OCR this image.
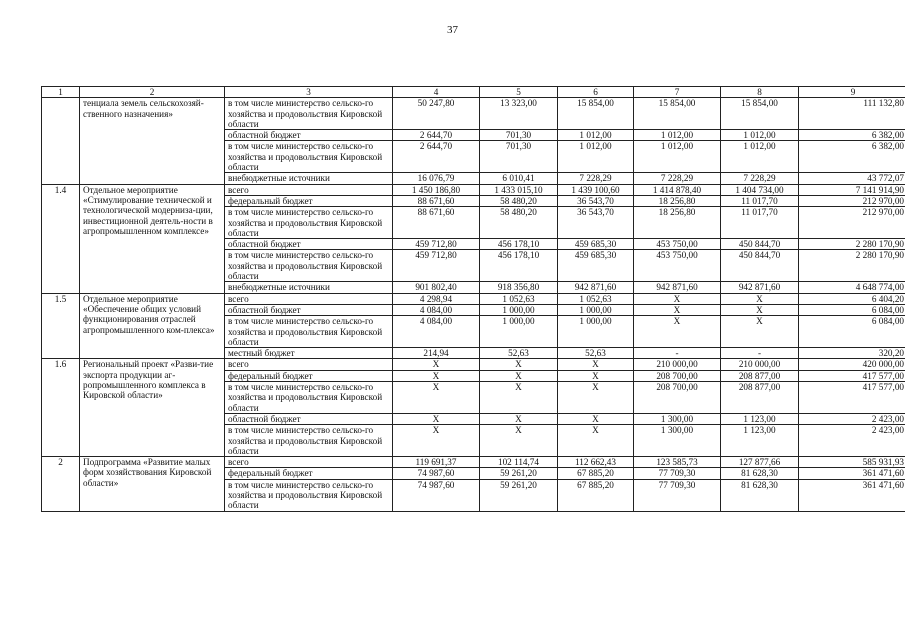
37
1	2	3	4	5	6	7	8	9
	тенциала земель сельскохозяй-ственного назначения»	в том числе министерство сельско-го хозяйства и продовольствия Кировской области	50 247,80	13 323,00	15 854,00	15 854,00	15 854,00	111 132,80
		областной бюджет	2 644,70	701,30	1 012,00	1 012,00	1 012,00	6 382,00
		в том числе министерство сельско-го хозяйства и продовольствия Кировской области	2 644,70	701,30	1 012,00	1 012,00	1 012,00	6 382,00
		внебюджетные источники	16 076,79	6 010,41	7 228,29	7 228,29	7 228,29	43 772,07
1.4	Отдельное мероприятие «Стимулирование технической и технологической модерниза-ции, инвестиционной деятель-ности в агропромышленном комплексе»	всего	1 450 186,80	1 433 015,10	1 439 100,60	1 414 878,40	1 404 734,00	7 141 914,90
		федеральный бюджет	88 671,60	58 480,20	36 543,70	18 256,80	11 017,70	212 970,00
		в том числе министерство сельско-го хозяйства и продовольствия Кировской области	88 671,60	58 480,20	36 543,70	18 256,80	11 017,70	212 970,00
		областной бюджет	459 712,80	456 178,10	459 685,30	453 750,00	450 844,70	2 280 170,90
		в том числе министерство сельско-го хозяйства и продовольствия Кировской области	459 712,80	456 178,10	459 685,30	453 750,00	450 844,70	2 280 170,90
		внебюджетные источники	901 802,40	918 356,80	942 871,60	942 871,60	942 871,60	4 648 774,00
1.5	Отдельное мероприятие «Обеспечение общих условий функционирования отраслей агропромышленного ком-плекса»	всего	4 298,94	1 052,63	1 052,63	X	X	6 404,20
		областной бюджет	4 084,00	1 000,00	1 000,00	X	X	6 084,00
		в том числе министерство сельско-го хозяйства и продовольствия Кировской области	4 084,00	1 000,00	1 000,00	X	X	6 084,00
		местный бюджет	214,94	52,63	52,63	-	-	320,20
1.6	Региональный проект «Разви-тие экспорта продукции аг-ропромышленного комплекса в Кировской области»	всего	X	X	X	210 000,00	210 000,00	420 000,00
		федеральный бюджет	X	X	X	208 700,00	208 877,00	417 577,00
		в том числе министерство сельско-го хозяйства и продовольствия Кировской области	X	X	X	208 700,00	208 877,00	417 577,00
		областной бюджет	X	X	X	1 300,00	1 123,00	2 423,00
		в том числе министерство сельско-го хозяйства и продовольствия Кировской области	X	X	X	1 300,00	1 123,00	2 423,00
2	Подпрограмма «Развитие малых форм хозяйствования Кировской области»	всего	119 691,37	102 114,74	112 662,43	123 585,73	127 877,66	585 931,93
		федеральный бюджет	74 987,60	59 261,20	67 885,20	77 709,30	81 628,30	361 471,60
		в том числе министерство сельско-го хозяйства и продовольствия Кировской области	74 987,60	59 261,20	67 885,20	77 709,30	81 628,30	361 471,60
